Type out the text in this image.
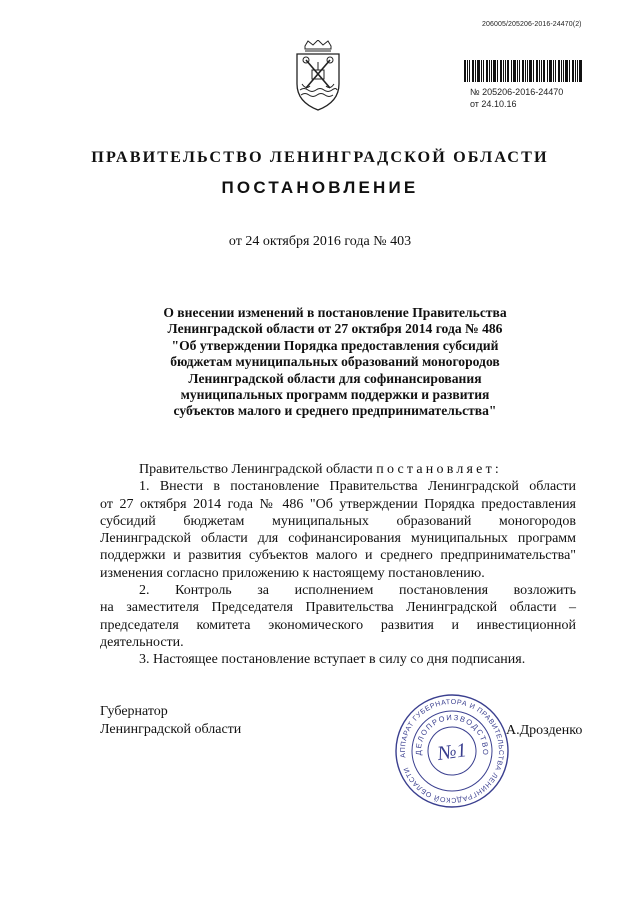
206005/205206-2016-24470(2)
№ 205206-2016-24470
от 24.10.16
ПРАВИТЕЛЬСТВО ЛЕНИНГРАДСКОЙ ОБЛАСТИ
ПОСТАНОВЛЕНИЕ
от 24 октября 2016 года № 403
О внесении изменений в постановление Правительства
Ленинградской области от 27 октября 2014 года № 486
"Об утверждении Порядка предоставления субсидий
бюджетам муниципальных образований моногородов
Ленинградской области для софинансирования
муниципальных программ поддержки и развития
субъектов малого и среднего предпринимательства"
Правительство Ленинградской области постановляет:
1. Внести в постановление Правительства Ленинградской области
от 27 октября 2014 года № 486 "Об утверждении Порядка предоставления
субсидий бюджетам муниципальных образований моногородов
Ленинградской области для софинансирования муниципальных программ
поддержки и развития субъектов малого и среднего предпринимательства"
изменения согласно приложению к настоящему постановлению.
2. Контроль за исполнением постановления возложить
на заместителя Председателя Правительства Ленинградской области –
председателя комитета экономического развития и инвестиционной
деятельности.
3. Настоящее постановление вступает в силу со дня подписания.
Губернатор
Ленинградской области
АППАРАТ ГУБЕРНАТОРА И ПРАВИТЕЛЬСТВА ЛЕНИНГРАДСКОЙ ОБЛАСТИ
ДЕЛОПРОИЗВОДСТВО
№1
А.Дрозденко
